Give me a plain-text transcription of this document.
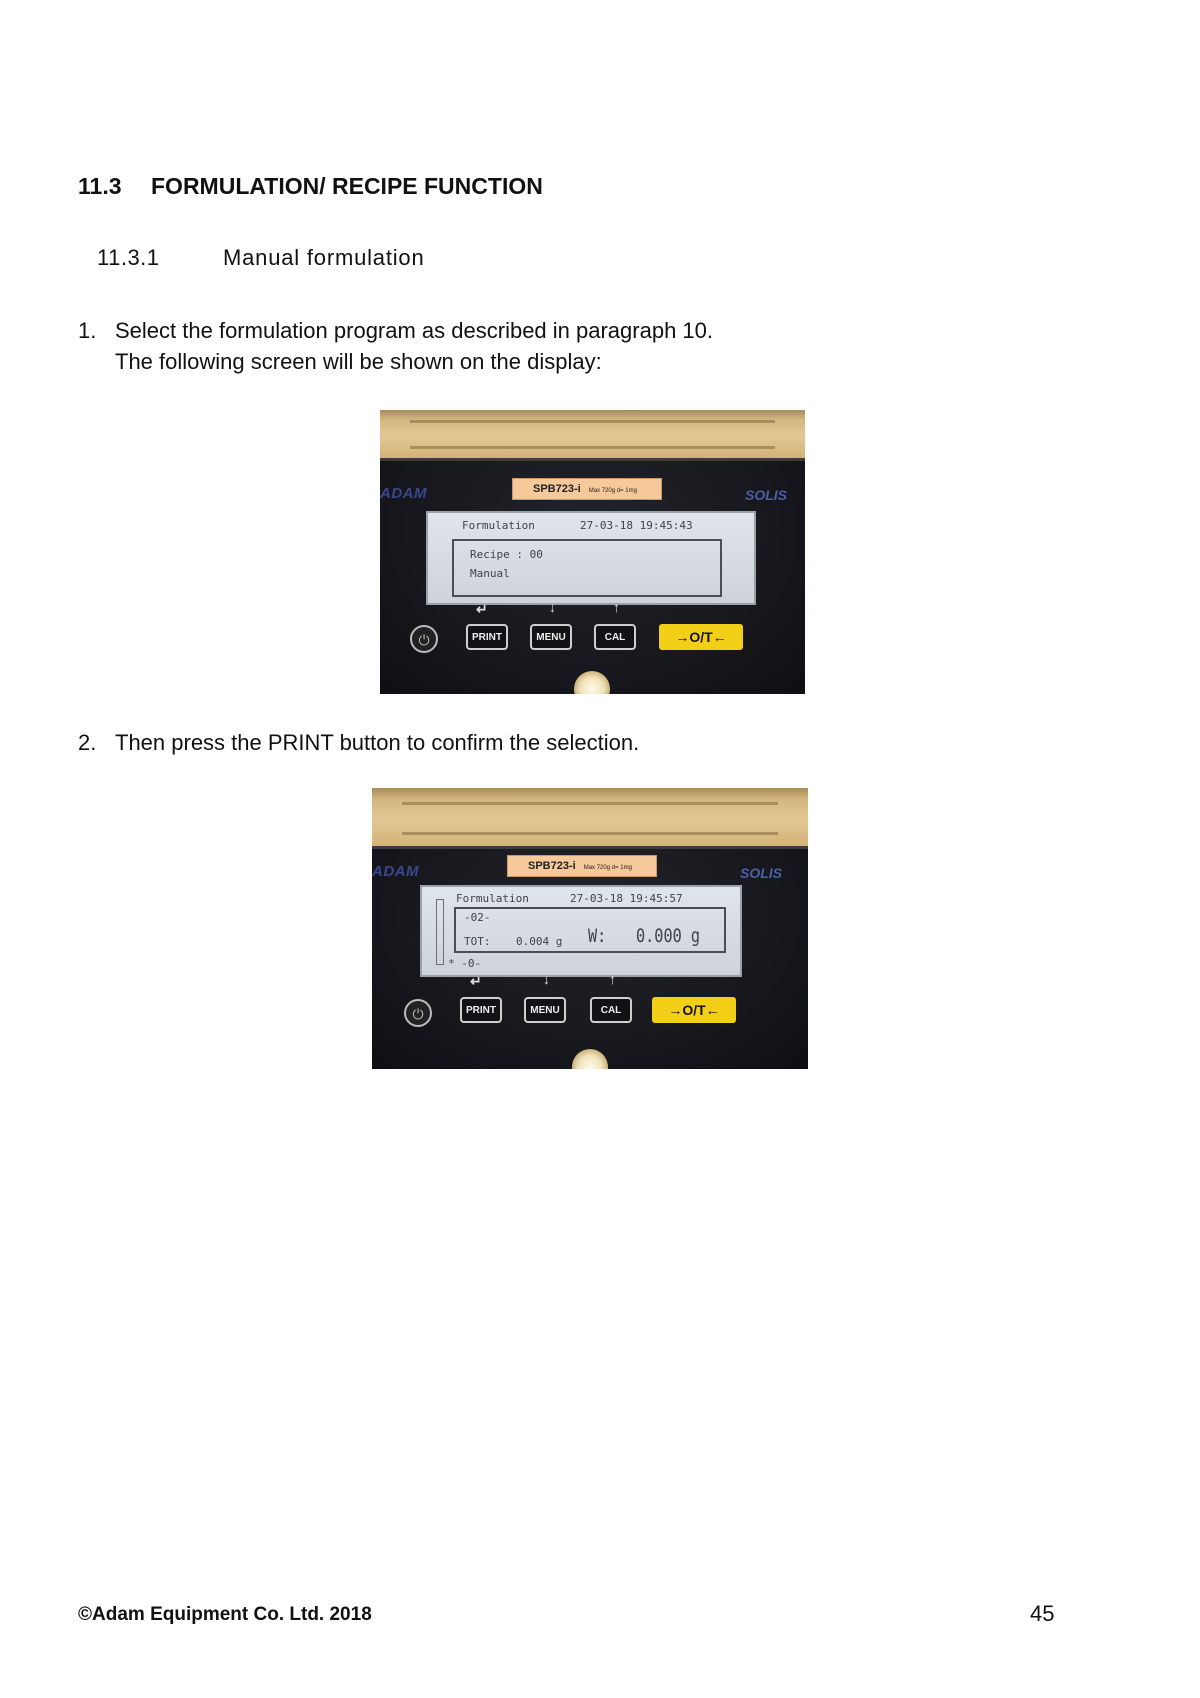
11.3 FORMULATION/ RECIPE FUNCTION
11.3.1	Manual formulation
1. Select the formulation program as described in paragraph 10.
The following screen will be shown on the display:
ADAM	SOLIS
SPB723-i Max 720g d= 1mg
Formulation	27-03-18 19:45:43
Recipe : 00
Manual
⏻
↵	↓	↑
PRINT	MENU	CAL	→O/T←
2. Then press the PRINT button to confirm the selection.
ADAM	SOLIS
SPB723-i Max 720g d= 1mg
Formulation	27-03-18 19:45:57
-02-
TOT: 0.004 g W: 0.000 g
* -0-
⏻
↵	↓	↑
PRINT	MENU	CAL	→O/T←
©Adam Equipment Co. Ltd. 2018	45
